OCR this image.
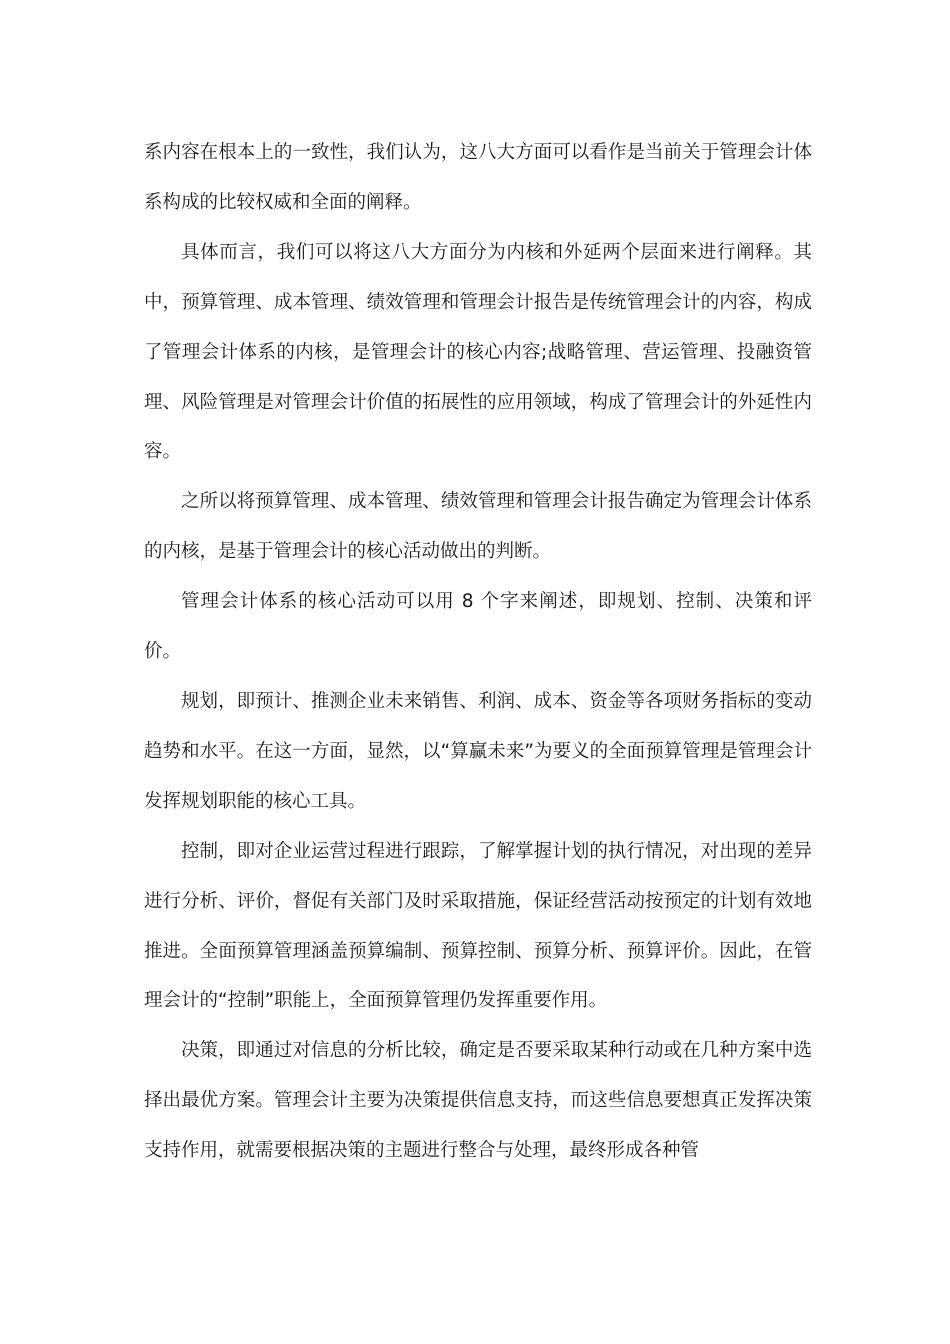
系内容在根本上的一致性，我们认为，这八大方面可以看作是当前关于管理会计体系构成的比较权威和全面的阐释。

具体而言，我们可以将这八大方面分为内核和外延两个层面来进行阐释。其中，预算管理、成本管理、绩效管理和管理会计报告是传统管理会计的内容，构成了管理会计体系的内核，是管理会计的核心内容;战略管理、营运管理、投融资管理、风险管理是对管理会计价值的拓展性的应用领域，构成了管理会计的外延性内容。

之所以将预算管理、成本管理、绩效管理和管理会计报告确定为管理会计体系的内核，是基于管理会计的核心活动做出的判断。

管理会计体系的核心活动可以用 8 个字来阐述，即规划、控制、决策和评价。

规划，即预计、推测企业未来销售、利润、成本、资金等各项财务指标的变动趋势和水平。在这一方面，显然，以“算赢未来”为要义的全面预算管理是管理会计发挥规划职能的核心工具。

控制，即对企业运营过程进行跟踪，了解掌握计划的执行情况，对出现的差异进行分析、评价，督促有关部门及时采取措施，保证经营活动按预定的计划有效地推进。全面预算管理涵盖预算编制、预算控制、预算分析、预算评价。因此，在管理会计的“控制”职能上，全面预算管理仍发挥重要作用。

决策，即通过对信息的分析比较，确定是否要采取某种行动或在几种方案中选择出最优方案。管理会计主要为决策提供信息支持，而这些信息要想真正发挥决策支持作用，就需要根据决策的主题进行整合与处理，最终形成各种管
